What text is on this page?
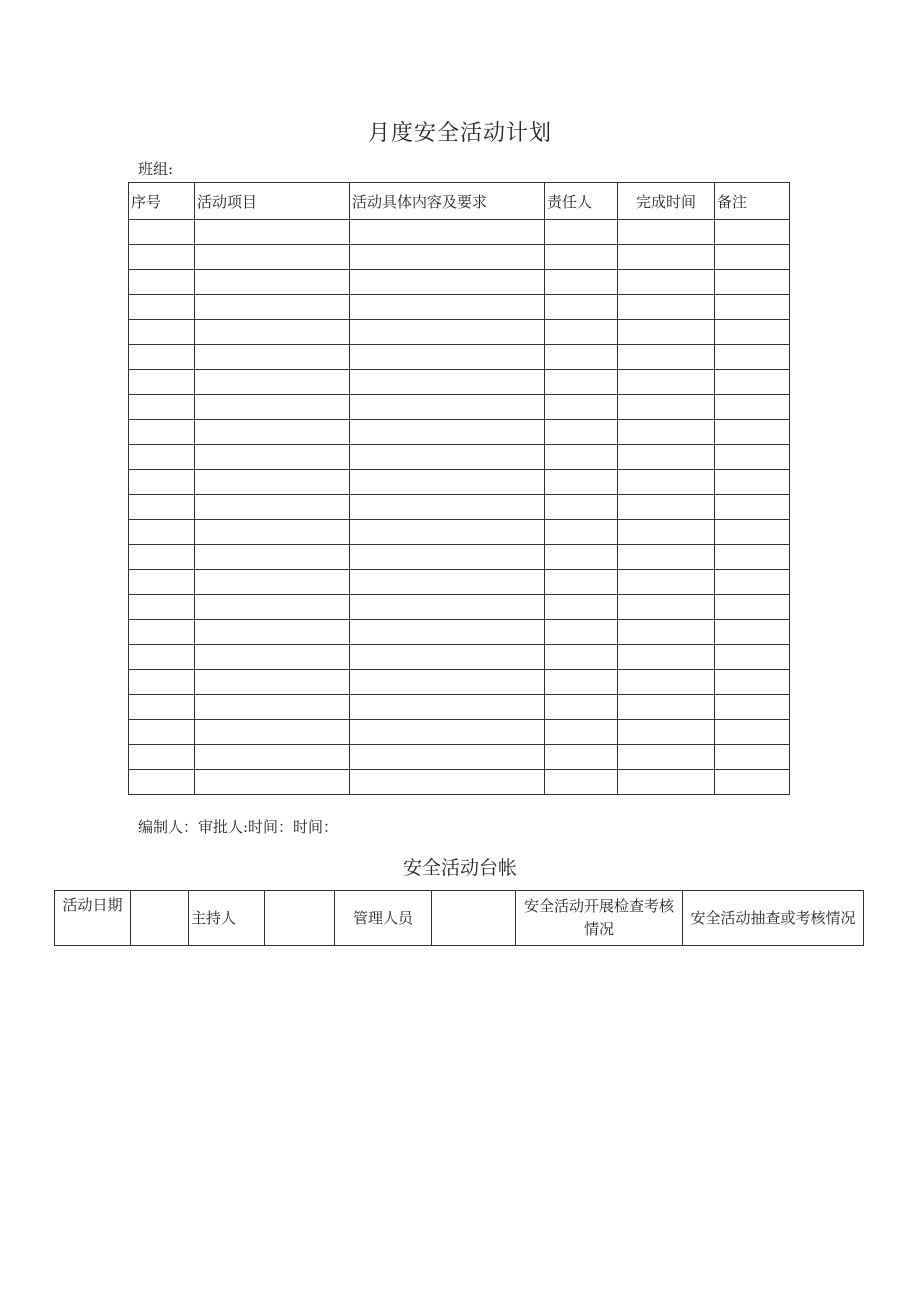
月度安全活动计划
班组:
序号	活动项目	活动具体内容及要求	责任人	完成时间	备注

编制人：审批人:时间：时间：
安全活动台帐
活动日期		主持人		管理人员		安全活动开展检查考核情况	安全活动抽查或考核情况
